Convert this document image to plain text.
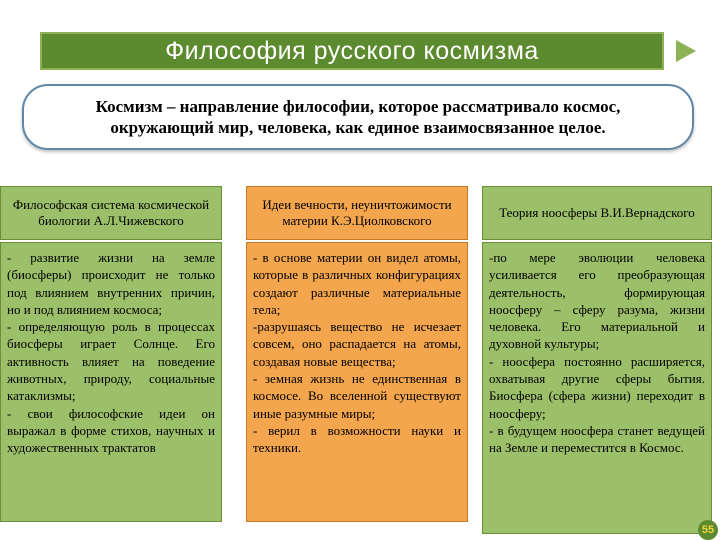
Философия русского космизма
Космизм – направление философии, которое рассматривало космос, окружающий мир, человека, как единое взаимосвязанное целое.
Философская система космической биологии А.Л.Чижевского
- развитие жизни на земле (биосферы) происходит не только под влиянием внутренних причин, но и под влиянием космоса;
- определяющую роль в процессах биосферы играет Солнце. Его активность влияет на поведение животных, природу, социальные катаклизмы;
- свои философские идеи он выражал в форме стихов, научных и художественных трактатов
Идеи вечности, неуничтожимости материи К.Э.Циолковского
- в основе материи он видел атомы, которые в различных конфигурациях создают различные материальные тела;
-разрушаясь вещество не исчезает совсем, оно распадается на атомы, создавая новые вещества;
- земная жизнь не единственная в космосе. Во вселенной существуют иные разумные миры;
- верил в возможности науки и техники.
Теория ноосферы В.И.Вернадского
-по мере эволюции человека усиливается его преобразующая деятельность, формирующая ноосферу – сферу разума, жизни человека. Его материальной и духовной культуры;
- ноосфера постоянно расширяется, охватывая другие сферы бытия. Биосфера (сфера жизни) переходит в ноосферу;
- в будущем ноосфера станет ведущей на Земле и переместится в Космос.
55
